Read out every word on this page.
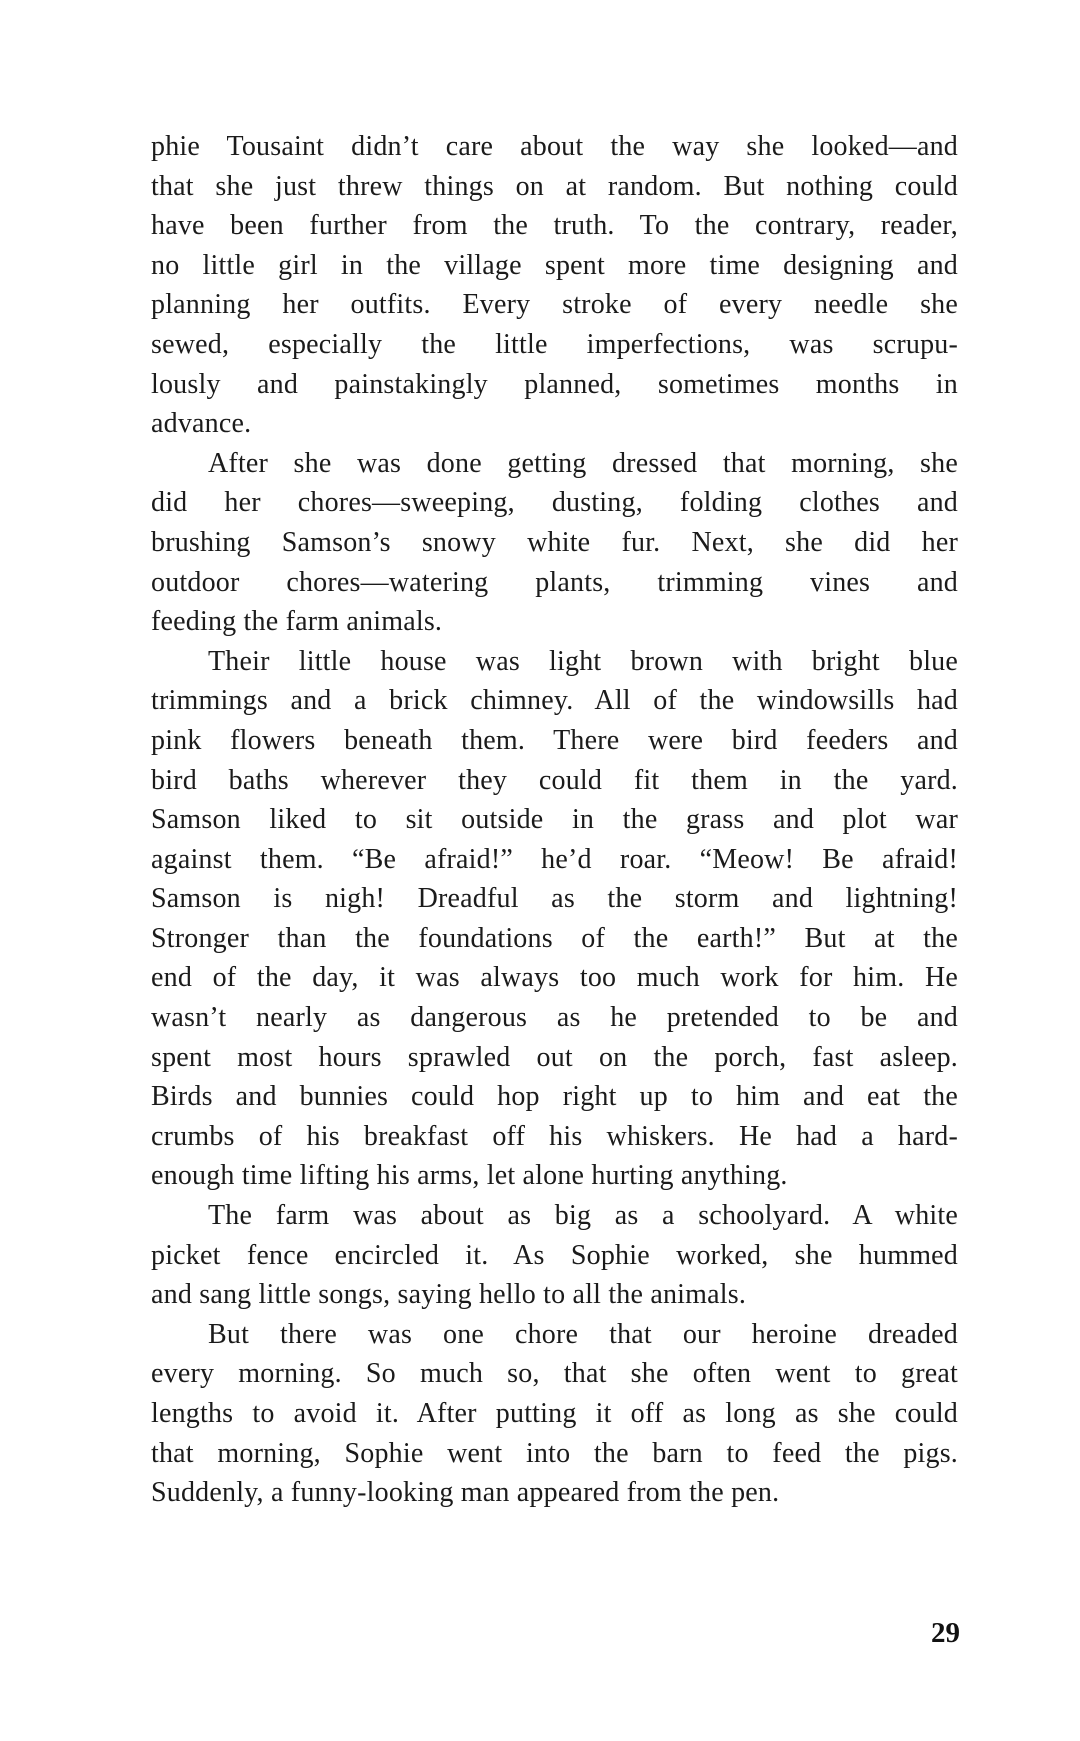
phie Tousaint didn’t care about the way she looked—and
that she just threw things on at random. But nothing could
have been further from the truth. To the contrary, reader,
no little girl in the village spent more time designing and
planning her outfits. Every stroke of every needle she
sewed, especially the little imperfections, was scrupu-
lously and painstakingly planned, sometimes months in
advance.
After she was done getting dressed that morning, she
did her chores—sweeping, dusting, folding clothes and
brushing Samson’s snowy white fur. Next, she did her
outdoor chores—watering plants, trimming vines and
feeding the farm animals.
Their little house was light brown with bright blue
trimmings and a brick chimney. All of the windowsills had
pink flowers beneath them. There were bird feeders and
bird baths wherever they could fit them in the yard.
Samson liked to sit outside in the grass and plot war
against them. “Be afraid!” he’d roar. “Meow! Be afraid!
Samson is nigh! Dreadful as the storm and lightning!
Stronger than the foundations of the earth!” But at the
end of the day, it was always too much work for him. He
wasn’t nearly as dangerous as he pretended to be and
spent most hours sprawled out on the porch, fast asleep.
Birds and bunnies could hop right up to him and eat the
crumbs of his breakfast off his whiskers. He had a hard-
enough time lifting his arms, let alone hurting anything.
The farm was about as big as a schoolyard. A white
picket fence encircled it. As Sophie worked, she hummed
and sang little songs, saying hello to all the animals.
But there was one chore that our heroine dreaded
every morning. So much so, that she often went to great
lengths to avoid it. After putting it off as long as she could
that morning, Sophie went into the barn to feed the pigs.
Suddenly, a funny-looking man appeared from the pen.
29
